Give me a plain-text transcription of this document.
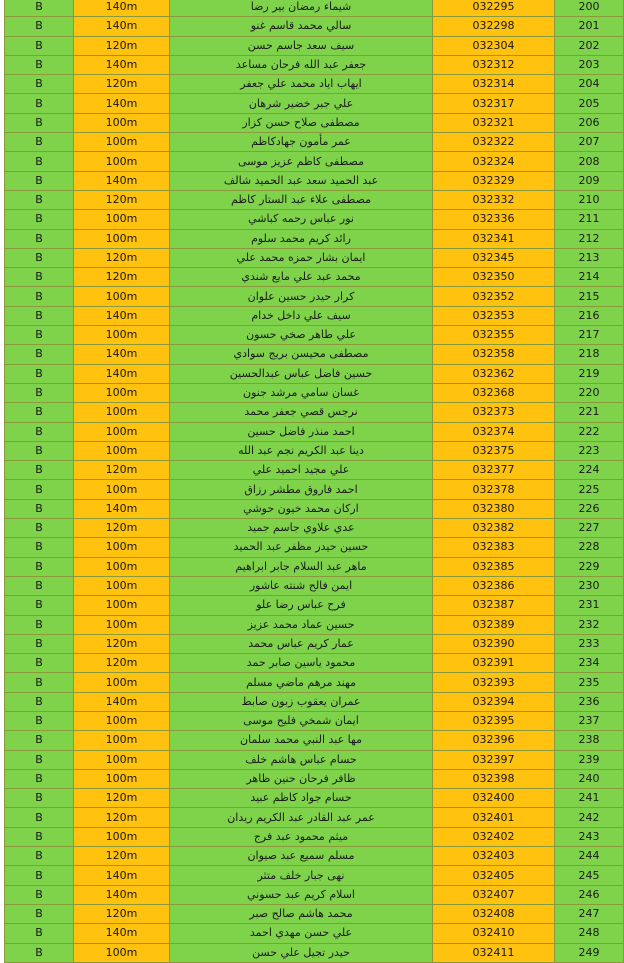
B	140m	شيماء رمضان بير رضا	032295	200
B	140m	سالي محمد قاسم غنو	032298	201
B	120m	سيف سعد جاسم حسن	032304	202
B	140m	جعفر عبد الله فرحان مساعد	032312	203
B	120m	ايهاب اياد محمد علي جعفر	032314	204
B	140m	علي جبر خضير شرهان	032317	205
B	100m	مصطفى صلاح حسن كزار	032321	206
B	100m	عمر مأمون جهادكاظم	032322	207
B	100m	مصطفى كاظم عزيز موسى	032324	208
B	140m	عبد الحميد سعد عبد الحميد شالف	032329	209
B	120m	مصطفى علاء عبد الستار كاظم	032332	210
B	100m	نور عباس رحمه كباشي	032336	211
B	100m	رائد كريم محمد سلوم	032341	212
B	120m	ايمان بشار حمزه محمد علي	032345	213
B	120m	محمد عبد علي مايع شندي	032350	214
B	100m	كرار حيدر حسين علوان	032352	215
B	140m	سيف علي داخل خدام	032353	216
B	100m	علي طاهر صخي حسون	032355	217
B	140m	مصطفى محيسن بريج سوادي	032358	218
B	140m	حسين فاضل عباس عبدالحسين	032362	219
B	100m	غسان سامي مرشد جنون	032368	220
B	100m	نرجس قصي جعفر محمد	032373	221
B	100m	احمد منذر فاضل حسين	032374	222
B	100m	دينا عبد الكريم نجم عبد الله	032375	223
B	120m	علي مجيد احميد علي	032377	224
B	100m	احمد فاروق مطشر رزاق	032378	225
B	140m	اركان محمد خيون حوشي	032380	226
B	120m	عدي علاوي جاسم جميد	032382	227
B	100m	حسين حيدر مظفر عبد الحميد	032383	228
B	100m	ماهر عبد السلام جابر ابراهيم	032385	229
B	100m	ايمن فالح شنته عاشور	032386	230
B	100m	فرح عباس رضا علو	032387	231
B	100m	حسين عماد محمد عزيز	032389	232
B	120m	عمار كريم عباس محمد	032390	233
B	120m	محمود ياسين صابر حمد	032391	234
B	100m	مهند مرهم ماضي مسلم	032393	235
B	140m	عمران يعقوب زبون صابط	032394	236
B	100m	ايمان شمخي فليح موسى	032395	237
B	100m	مها عبد النبي محمد سلمان	032396	238
B	100m	حسام عباس هاشم خلف	032397	239
B	100m	ظافر فرحان حنين ظاهر	032398	240
B	120m	حسام جواد كاظم عبيد	032400	241
B	120m	عمر عبد القادر عبد الكريم ريدان	032401	242
B	100m	ميثم محمود عبد فرج	032402	243
B	120m	مسلم سميع عبد صيوان	032403	244
B	140m	نهى جبار خلف متثر	032405	245
B	140m	اسلام كريم عبد حسوني	032407	246
B	120m	محمد هاشم صالح صبر	032408	247
B	140m	علي حسن مهدي احمد	032410	248
B	100m	حيدر تجيل علي حسن	032411	249
